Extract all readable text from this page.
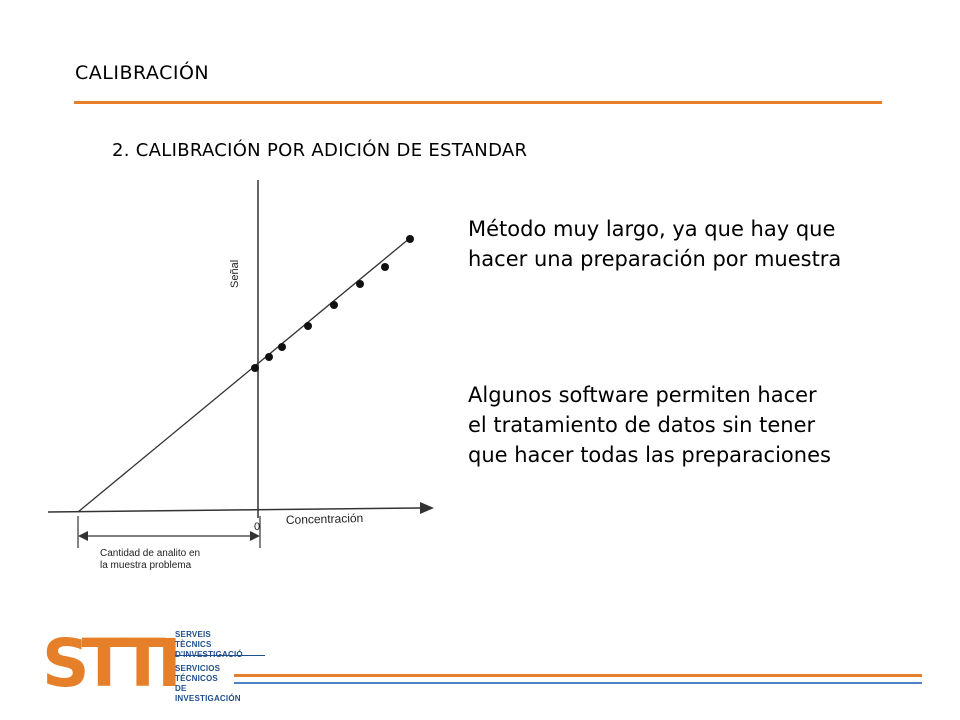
CALIBRACIÓN
2. CALIBRACIÓN POR ADICIÓN DE ESTANDAR
Señal
Concentración
0
Cantidad de analito en
la muestra problema
Método muy largo, ya que hay que
hacer una preparación por muestra
Algunos software permiten hacer
el tratamiento de datos sin tener
que hacer todas las preparaciones
STTI SERVEIS TÈCNICS
SERVICIOS TÉCNICOS
DE INVESTIGACIÓN
